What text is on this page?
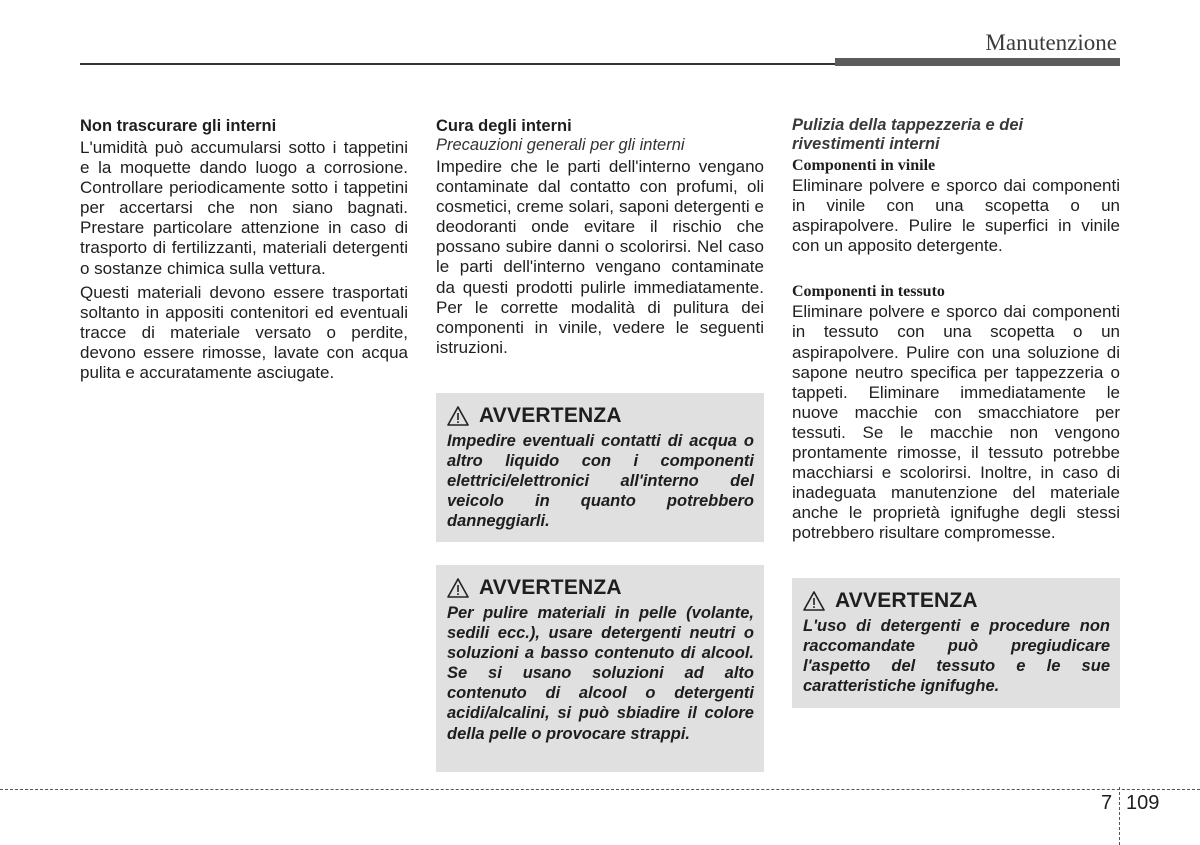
Manutenzione

Non trascurare gli interni

L'umidità può accumularsi sotto i tappetini e la moquette dando luogo a corrosione. Controllare periodicamente sotto i tappetini per accertarsi che non siano bagnati. Prestare particolare attenzione in caso di trasporto di fertilizzanti, materiali detergenti o sostanze chimica sulla vettura.

Questi materiali devono essere trasportati soltanto in appositi contenitori ed eventuali tracce di materiale versato o perdite, devono essere rimosse, lavate con acqua pulita e accuratamente asciugate.

Cura degli interni

Precauzioni generali per gli interni

Impedire che le parti dell'interno vengano contaminate dal contatto con profumi, oli cosmetici, creme solari, saponi detergenti e deodoranti onde evitare il rischio che possano subire danni o scolorirsi. Nel caso le parti dell'interno vengano contaminate da questi prodotti pulirle immediatamente. Per le corrette modalità di pulitura dei componenti in vinile, vedere le seguenti istruzioni.

AVVERTENZA

Impedire eventuali contatti di acqua o altro liquido con i componenti elettrici/elettronici all'interno del veicolo in quanto potrebbero danneggiarli.

AVVERTENZA

Per pulire materiali in pelle (volante, sedili ecc.), usare detergenti neutri o soluzioni a basso contenuto di alcool. Se si usano soluzioni ad alto contenuto di alcool o detergenti acidi/alcalini, si può sbiadire il colore della pelle o provocare strappi.

Pulizia della tappezzeria e dei rivestimenti interni

Componenti in vinile

Eliminare polvere e sporco dai componenti in vinile con una scopetta o un aspirapolvere. Pulire le superfici in vinile con un apposito detergente.

Componenti in tessuto

Eliminare polvere e sporco dai componenti in tessuto con una scopetta o un aspirapolvere. Pulire con una soluzione di sapone neutro specifica per tappezzeria o tappeti. Eliminare immediatamente le nuove macchie con smacchiatore per tessuti. Se le macchie non vengono prontamente rimosse, il tessuto potrebbe macchiarsi e scolorirsi. Inoltre, in caso di inadeguata manutenzione del materiale anche le proprietà ignifughe degli stessi potrebbero risultare compromesse.

AVVERTENZA

L'uso di detergenti e procedure non raccomandate può pregiudicare l'aspetto del tessuto e le sue caratteristiche ignifughe.

7 109
